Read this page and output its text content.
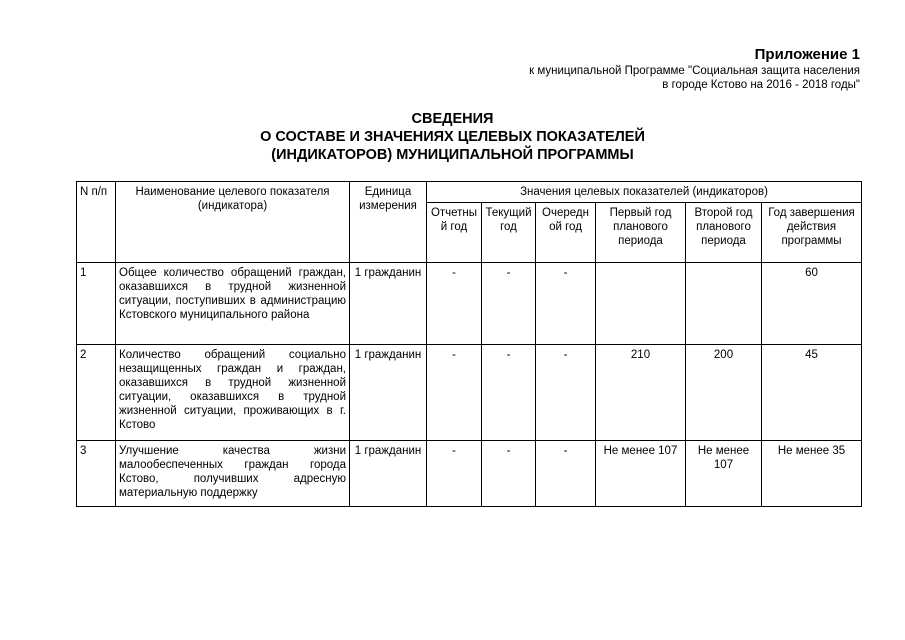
Приложение 1
к муниципальной Программе "Социальная защита населения
в городе Кстово на 2016 - 2018 годы"
СВЕДЕНИЯ
О СОСТАВЕ И ЗНАЧЕНИЯХ ЦЕЛЕВЫХ ПОКАЗАТЕЛЕЙ
(ИНДИКАТОРОВ) МУНИЦИПАЛЬНОЙ ПРОГРАММЫ
N п/п	Наименование целевого показателя (индикатора)	Единица измерения	Значения целевых показателей (индикаторов)					
			Отчетный год	Текущий год	Очередной год	Первый год планового периода	Второй год планового периода	Год завершения действия программы
1	Общее количество обращений граждан, оказавшихся в трудной жизненной ситуации, поступивших в администрацию Кстовского муниципального района	1 гражданин	-	-	-			60
2	Количество обращений социально незащищенных граждан и граждан, оказавшихся в трудной жизненной ситуации, оказавшихся в трудной жизненной ситуации, проживающих в г. Кстово	1 гражданин	-	-	-	210	200	45
3	Улучшение качества жизни малообеспеченных граждан города Кстово, получивших адресную материальную поддержку	1 гражданин	-	-	-	Не менее 107	Не менее 107	Не менее 35
